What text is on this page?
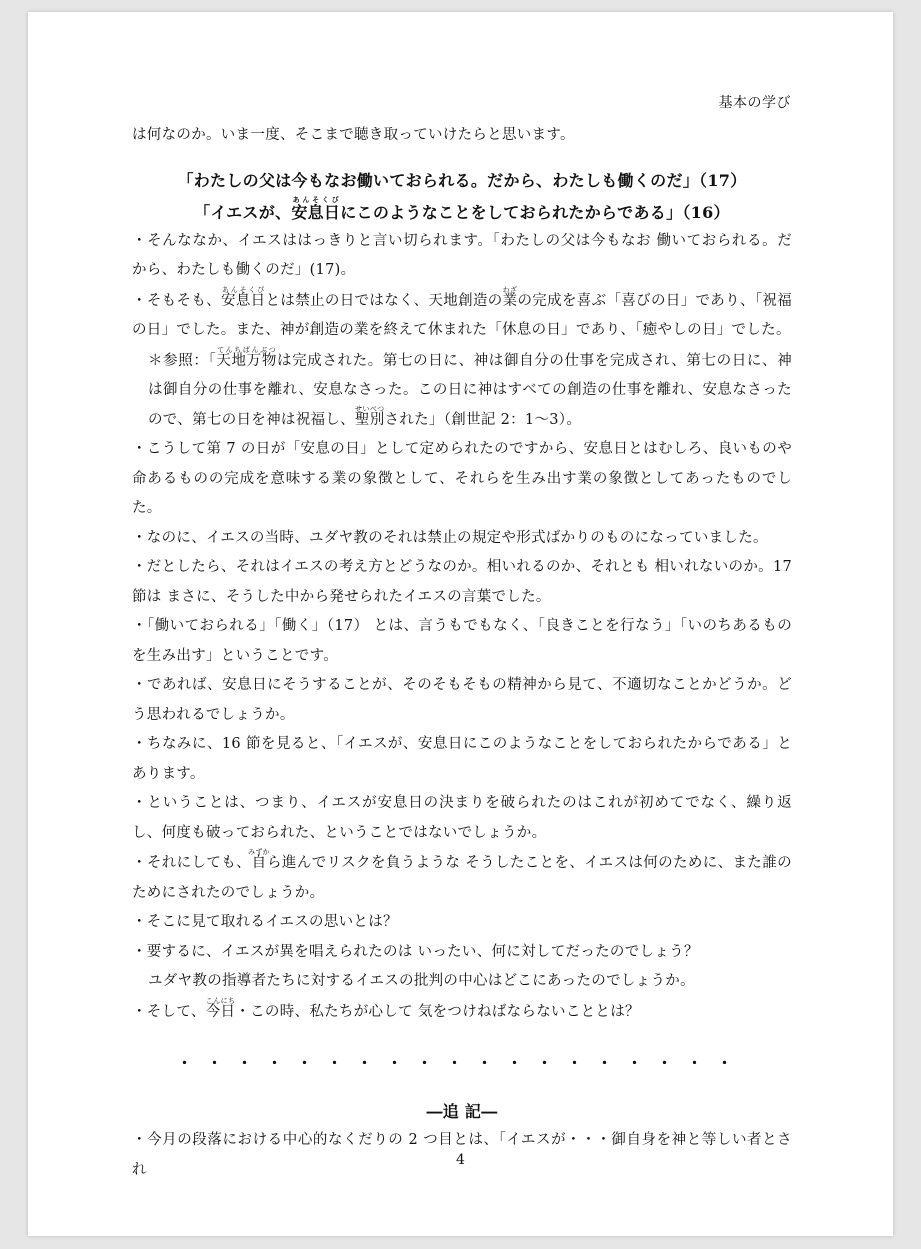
基本の学び

は何なのか。いま一度、そこまで聴き取っていけたらと思います。

「わたしの父は今もなお働いておられる。だから、わたしも働くのだ」（17）
「イエスが、安息日あんそくびにこのようなことをしておられたからである」（16）

・そんななか、イエスははっきりと言い切られます。「わたしの父は今もなお 働いておられる。だから、わたしも働くのだ」(17)。

・そもそも、安息日あんそくびとは禁止の日ではなく、天地創造の業わざの完成を喜ぶ「喜びの日」であり、「祝福の日」でした。また、神が創造の業を終えて休まれた「休息の日」であり、「癒やしの日」でした。

＊参照：「天地万物てんちばんぶつは完成された。第七の日に、神は御自分の仕事を完成され、第七の日に、神は御自分の仕事を離れ、安息なさった。この日に神はすべての創造の仕事を離れ、安息なさったので、第七の日を神は祝福し、聖別せいべつされた」（創世記 2：1〜3）。

・こうして第 7 の日が「安息の日」として定められたのですから、安息日とはむしろ、良いものや命あるものの完成を意味する業の象徴として、それらを生み出す業の象徴としてあったものでした。

・なのに、イエスの当時、ユダヤ教のそれは禁止の規定や形式ばかりのものになっていました。

・だとしたら、それはイエスの考え方とどうなのか。相いれるのか、それとも 相いれないのか。17 節は まさに、そうした中から発せられたイエスの言葉でした。

・「働いておられる」「働く」（17） とは、言うもでもなく、「良きことを行なう」「いのちあるものを生み出す」ということです。

・であれば、安息日にそうすることが、そのそもそもの精神から見て、不適切なことかどうか。どう思われるでしょうか。

・ちなみに、16 節を見ると、「イエスが、安息日にこのようなことをしておられたからである」とあります。

・ということは、つまり、イエスが安息日の決まりを破られたのはこれが初めてでなく、繰り返し、何度も破っておられた、ということではないでしょうか。

・それにしても、自みずから進んでリスクを負うような そうしたことを、イエスは何のために、また誰のためにされたのでしょうか。

・そこに見て取れるイエスの思いとは？

・要するに、イエスが異を唱えられたのは いったい、何に対してだったのでしょう？

ユダヤ教の指導者たちに対するイエスの批判の中心はどこにあったのでしょうか。

・そして、今日こんにち・この時、私たちが心して 気をつけねばならないこととは？

・・・・・・・・・・・・・・・・・・・
―追 記―

・今月の段落における中心的なくだりの 2 つ目とは、「イエスが・・・御自身を神と等しい者とされ

4
